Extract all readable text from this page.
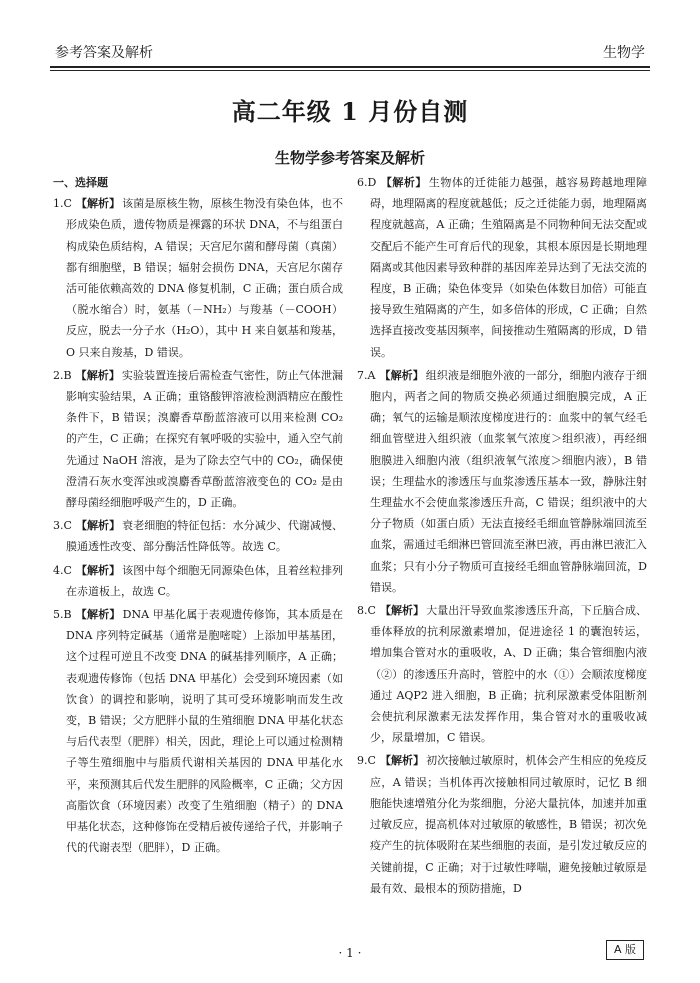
参考答案及解析	生物学
高二年级 1 月份自测
生物学参考答案及解析
一、选择题

1.C 【解析】 该菌是原核生物，原核生物没有染色体，也不形成染色质，遗传物质是裸露的环状 DNA，不与组蛋白构成染色质结构，A 错误；天宫尼尔菌和酵母菌（真菌）都有细胞壁，B 错误；辐射会损伤 DNA，天宫尼尔菌存活可能依赖高效的 DNA 修复机制，C 正确；蛋白质合成（脱水缩合）时，氨基（－NH₂）与羧基（－COOH）反应，脱去一分子水（H₂O），其中 H 来自氨基和羧基，O 只来自羧基，D 错误。

2.B 【解析】 实验装置连接后需检查气密性，防止气体泄漏影响实验结果，A 正确；重铬酸钾溶液检测酒精应在酸性条件下，B 错误；溴麝香草酚蓝溶液可以用来检测 CO₂ 的产生，C 正确；在探究有氧呼吸的实验中，通入空气前先通过 NaOH 溶液，是为了除去空气中的 CO₂，确保使澄清石灰水变浑浊或溴麝香草酚蓝溶液变色的 CO₂ 是由酵母菌经细胞呼吸产生的，D 正确。

3.C 【解析】 衰老细胞的特征包括：水分减少、代谢减慢、膜通透性改变、部分酶活性降低等。故选 C。

4.C 【解析】 该图中每个细胞无同源染色体，且着丝粒排列在赤道板上，故选 C。

5.B 【解析】 DNA 甲基化属于表观遗传修饰，其本质是在 DNA 序列特定碱基（通常是胞嘧啶）上添加甲基基团，这个过程可逆且不改变 DNA 的碱基排列顺序，A 正确；表观遗传修饰（包括 DNA 甲基化）会受到环境因素（如饮食）的调控和影响，说明了其可受环境影响而发生改变，B 错误；父方肥胖小鼠的生殖细胞 DNA 甲基化状态与后代表型（肥胖）相关，因此，理论上可以通过检测精子等生殖细胞中与脂质代谢相关基因的 DNA 甲基化水平，来预测其后代发生肥胖的风险概率，C 正确；父方因高脂饮食（环境因素）改变了生殖细胞（精子）的 DNA 甲基化状态，这种修饰在受精后被传递给子代，并影响子代的代谢表型（肥胖），D 正确。

6.D 【解析】 生物体的迁徙能力越强，越容易跨越地理障碍，地理隔离的程度就越低；反之迁徙能力弱，地理隔离程度就越高，A 正确；生殖隔离是不同物种间无法交配或交配后不能产生可育后代的现象，其根本原因是长期地理隔离或其他因素导致种群的基因库差异达到了无法交流的程度，B 正确；染色体变异（如染色体数目加倍）可能直接导致生殖隔离的产生，如多倍体的形成，C 正确；自然选择直接改变基因频率，间接推动生殖隔离的形成，D 错误。

7.A 【解析】 组织液是细胞外液的一部分，细胞内液存于细胞内，两者之间的物质交换必须通过细胞膜完成，A 正确；氧气的运输是顺浓度梯度进行的：血浆中的氧气经毛细血管壁进入组织液（血浆氧气浓度＞组织液），再经细胞膜进入细胞内液（组织液氧气浓度＞细胞内液），B 错误；生理盐水的渗透压与血浆渗透压基本一致，静脉注射生理盐水不会使血浆渗透压升高，C 错误；组织液中的大分子物质（如蛋白质）无法直接经毛细血管静脉端回流至血浆，需通过毛细淋巴管回流至淋巴液，再由淋巴液汇入血浆；只有小分子物质可直接经毛细血管静脉端回流，D 错误。

8.C 【解析】 大量出汗导致血浆渗透压升高，下丘脑合成、垂体释放的抗利尿激素增加，促进途径 1 的囊泡转运，增加集合管对水的重吸收，A、D 正确；集合管细胞内液（②）的渗透压升高时，管腔中的水（①）会顺浓度梯度通过 AQP2 进入细胞，B 正确；抗利尿激素受体阻断剂会使抗利尿激素无法发挥作用，集合管对水的重吸收减少，尿量增加，C 错误。

9.C 【解析】 初次接触过敏原时，机体会产生相应的免疫反应，A 错误；当机体再次接触相同过敏原时，记忆 B 细胞能快速增殖分化为浆细胞，分泌大量抗体，加速并加重过敏反应，提高机体对过敏原的敏感性，B 错误；初次免疫产生的抗体吸附在某些细胞的表面，是引发过敏反应的关键前提，C 正确；对于过敏性哮喘，避免接触过敏原是最有效、最根本的预防措施，D

· 1 ·	A 版
